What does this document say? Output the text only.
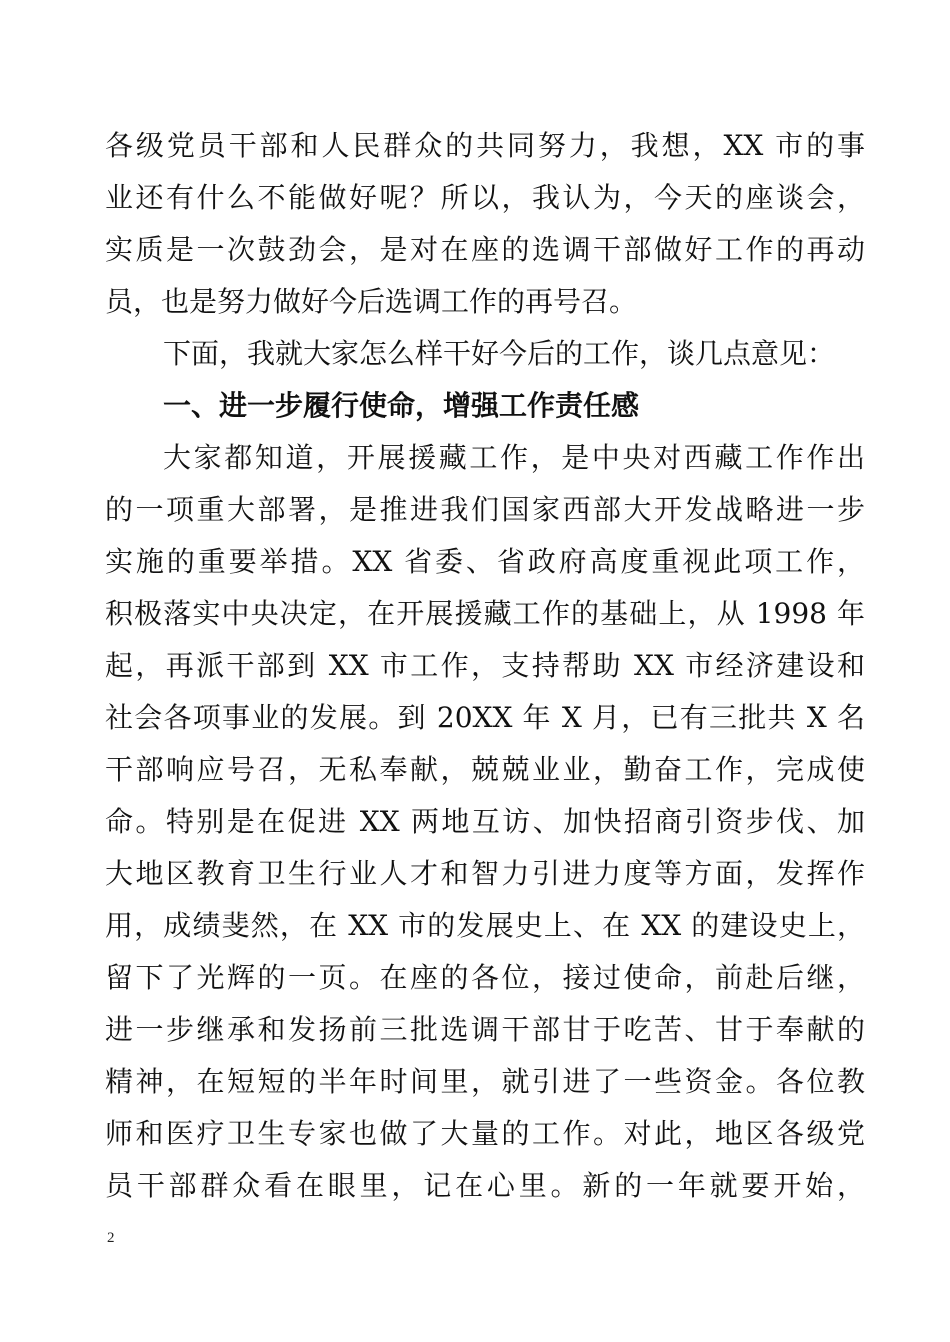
各级党员干部和人民群众的共同努力，我想，XX 市的事
业还有什么不能做好呢？所以，我认为，今天的座谈会，
实质是一次鼓劲会，是对在座的选调干部做好工作的再动
员，也是努力做好今后选调工作的再号召。
下面，我就大家怎么样干好今后的工作，谈几点意见：
一、进一步履行使命，增强工作责任感
大家都知道，开展援藏工作，是中央对西藏工作作出
的一项重大部署，是推进我们国家西部大开发战略进一步
实施的重要举措。XX 省委、省政府高度重视此项工作，
积极落实中央决定，在开展援藏工作的基础上，从 1998 年
起，再派干部到 XX 市工作，支持帮助 XX 市经济建设和
社会各项事业的发展。到 20XX 年 X 月，已有三批共 X 名
干部响应号召，无私奉献，兢兢业业，勤奋工作，完成使
命。特别是在促进 XX 两地互访、加快招商引资步伐、加
大地区教育卫生行业人才和智力引进力度等方面，发挥作
用，成绩斐然，在 XX 市的发展史上、在 XX 的建设史上，
留下了光辉的一页。在座的各位，接过使命，前赴后继，
进一步继承和发扬前三批选调干部甘于吃苦、甘于奉献的
精神，在短短的半年时间里，就引进了一些资金。各位教
师和医疗卫生专家也做了大量的工作。对此，地区各级党
员干部群众看在眼里，记在心里。新的一年就要开始，
2
